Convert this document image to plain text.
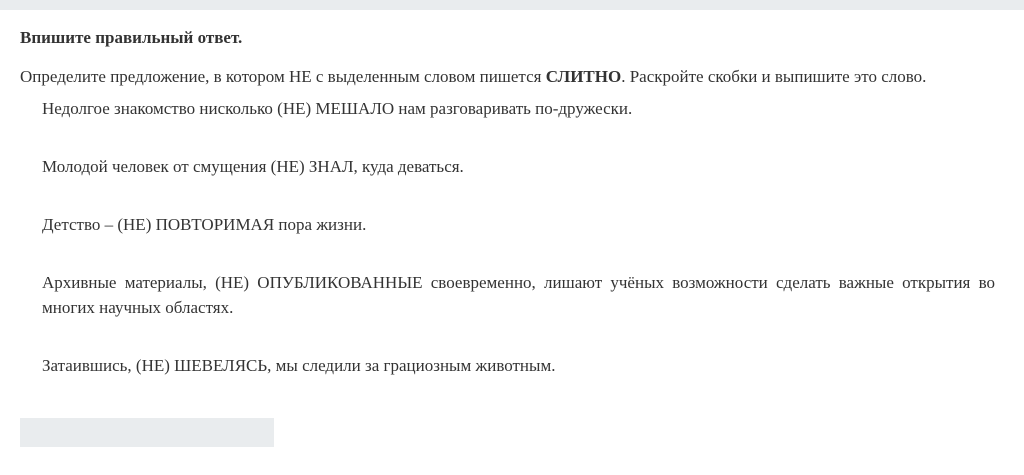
Впишите правильный ответ.
Определите предложение, в котором НЕ с выделенным словом пишется СЛИТНО. Раскройте скобки и выпишите это слово.

Недолгое знакомство нисколько (НЕ) МЕШАЛО нам разговаривать по-дружески.

Молодой человек от смущения (НЕ) ЗНАЛ, куда деваться.

Детство – (НЕ) ПОВТОРИМАЯ пора жизни.

Архивные материалы, (НЕ) ОПУБЛИКОВАННЫЕ своевременно, лишают учёных возможности сделать важные открытия во многих научных областях.

Затаившись, (НЕ) ШЕВЕЛЯСЬ, мы следили за грациозным животным.
